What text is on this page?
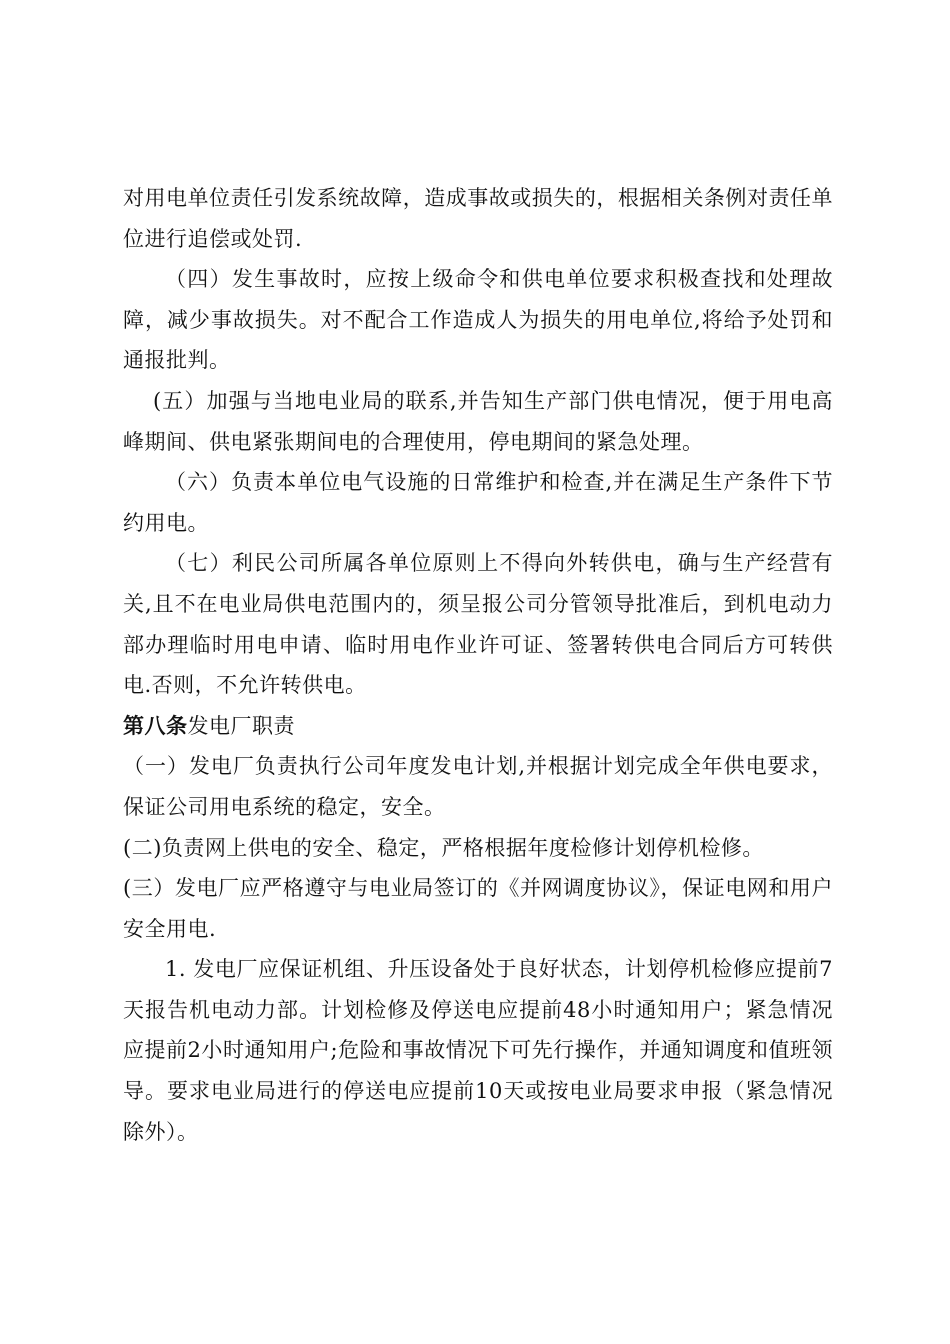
对用电单位责任引发系统故障，造成事故或损失的，根据相关条例对责任单位进行追偿或处罚.

（四）发生事故时，应按上级命令和供电单位要求积极查找和处理故障，减少事故损失。对不配合工作造成人为损失的用电单位,将给予处罚和通报批判。

(五）加强与当地电业局的联系,并告知生产部门供电情况，便于用电高峰期间、供电紧张期间电的合理使用，停电期间的紧急处理。

（六）负责本单位电气设施的日常维护和检查,并在满足生产条件下节约用电。

（七）利民公司所属各单位原则上不得向外转供电，确与生产经营有关,且不在电业局供电范围内的，须呈报公司分管领导批准后，到机电动力部办理临时用电申请、临时用电作业许可证、签署转供电合同后方可转供电.否则，不允许转供电。

第八条发电厂职责

（一）发电厂负责执行公司年度发电计划,并根据计划完成全年供电要求，保证公司用电系统的稳定，安全。

(二)负责网上供电的安全、稳定，严格根据年度检修计划停机检修。

(三）发电厂应严格遵守与电业局签订的《并网调度协议》，保证电网和用户安全用电.

1. 发电厂应保证机组、升压设备处于良好状态，计划停机检修应提前7天报告机电动力部。计划检修及停送电应提前48小时通知用户；紧急情况应提前2小时通知用户;危险和事故情况下可先行操作，并通知调度和值班领导。要求电业局进行的停送电应提前10天或按电业局要求申报（紧急情况除外）。
